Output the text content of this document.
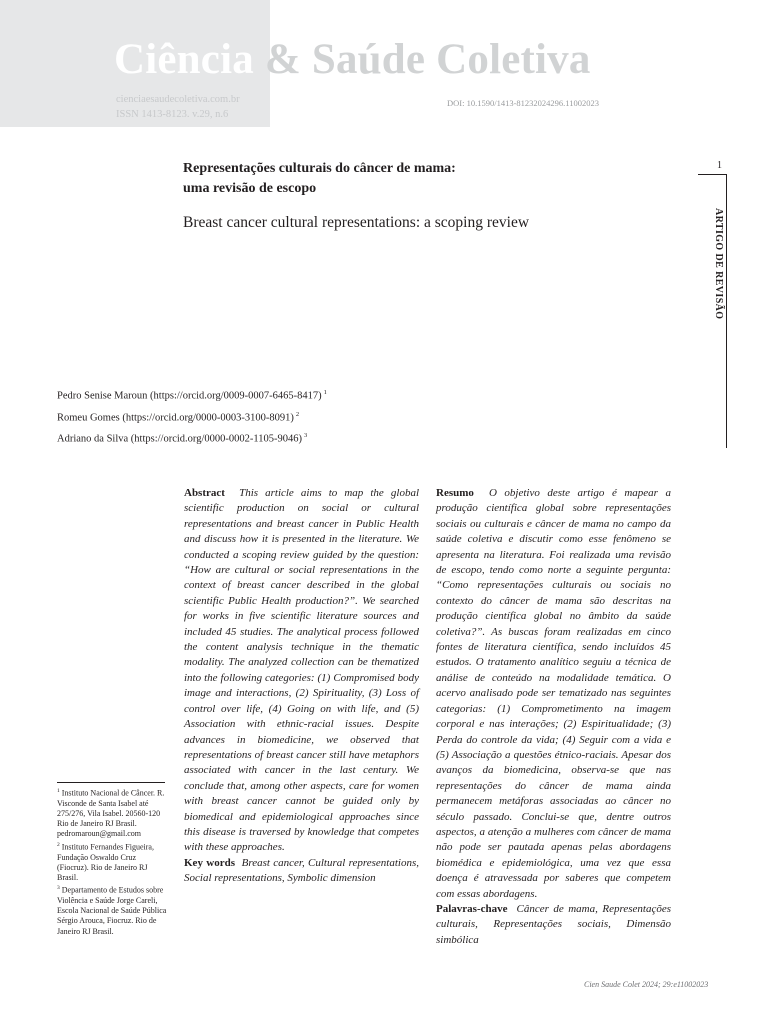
Ciência & Saúde Coletiva
cienciaesaudecoletiva.com.br
ISSN 1413-8123. v.29, n.6
DOI: 10.1590/1413-81232024296.11002023
1
ARTIGO DE REVISÃO
Representações culturais do câncer de mama:
uma revisão de escopo
Breast cancer cultural representations: a scoping review
Pedro Senise Maroun (https://orcid.org/0009-0007-6465-8417) $^1$
Romeu Gomes (https://orcid.org/0000-0003-3100-8091) $^2$
Adriano da Silva (https://orcid.org/0000-0002-1105-9046) $^3$

Abstract This article aims to map the global scientific production on social or cultural representations and breast cancer in Public Health and discuss how it is presented in the literature. We conducted a scoping review guided by the question: “How are cultural or social representations in the context of breast cancer described in the global scientific Public Health production?”. We searched for works in five scientific literature sources and included 45 studies. The analytical process followed the content analysis technique in the thematic modality. The analyzed collection can be thematized into the following categories: (1) Compromised body image and interactions, (2) Spirituality, (3) Loss of control over life, (4) Going on with life, and (5) Association with ethnic-racial issues. Despite advances in biomedicine, we observed that representations of breast cancer still have metaphors associated with cancer in the last century. We conclude that, among other aspects, care for women with breast cancer cannot be guided only by biomedical and epidemiological approaches since this disease is traversed by knowledge that competes with these approaches.

Key words Breast cancer, Cultural representations, Social representations, Symbolic dimension

Resumo O objetivo deste artigo é mapear a produção científica global sobre representações sociais ou culturais e câncer de mama no campo da saúde coletiva e discutir como esse fenômeno se apresenta na literatura. Foi realizada uma revisão de escopo, tendo como norte a seguinte pergunta: “Como representações culturais ou sociais no contexto do câncer de mama são descritas na produção científica global no âmbito da saúde coletiva?”. As buscas foram realizadas em cinco fontes de literatura científica, sendo incluídos 45 estudos. O tratamento analítico seguiu a técnica de análise de conteúdo na modalidade temática. O acervo analisado pode ser tematizado nas seguintes categorias: (1) Comprometimento na imagem corporal e nas interações; (2) Espiritualidade; (3) Perda do controle da vida; (4) Seguir com a vida e (5) Associação a questões étnico-raciais. Apesar dos avanços da biomedicina, observa-se que nas representações do câncer de mama ainda permanecem metáforas associadas ao câncer no século passado. Conclui-se que, dentre outros aspectos, a atenção a mulheres com câncer de mama não pode ser pautada apenas pelas abordagens biomédica e epidemiológica, uma vez que essa doença é atravessada por saberes que competem com essas abordagens.

Palavras-chave Câncer de mama, Representações culturais, Representações sociais, Dimensão simbólica

$^1$ Instituto Nacional de Câncer. R. Visconde de Santa Isabel até 275/276, Vila Isabel. 20560-120 Rio de Janeiro RJ Brasil. pedromaroun@gmail.com

$^2$ Instituto Fernandes Figueira, Fundação Oswaldo Cruz (Fiocruz). Rio de Janeiro RJ Brasil.

$^3$ Departamento de Estudos sobre Violência e Saúde Jorge Careli, Escola Nacional de Saúde Pública Sérgio Arouca, Fiocruz. Rio de Janeiro RJ Brasil.

Cien Saude Colet 2024; 29:e11002023
